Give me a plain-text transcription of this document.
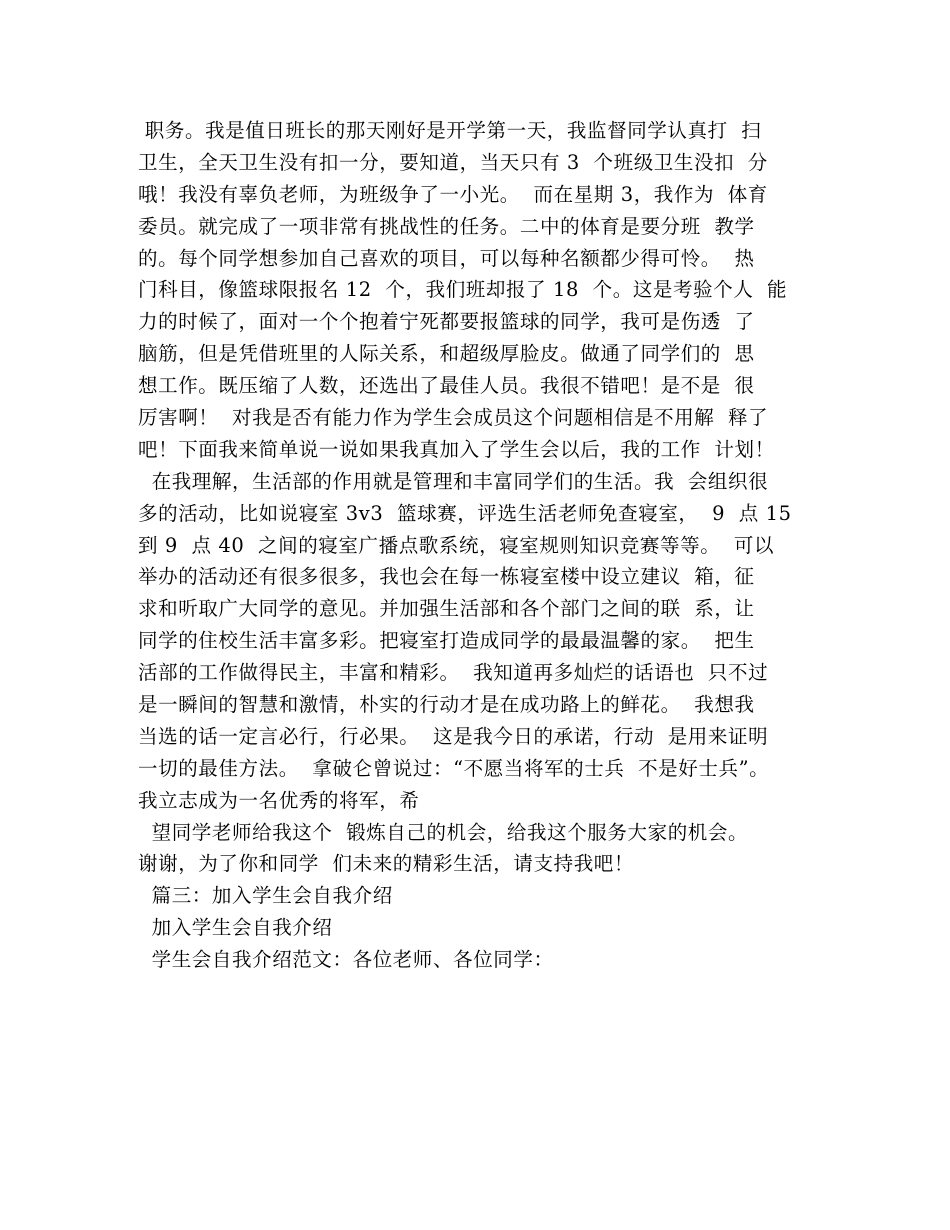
职务。我是值日班长的那天刚好是开学第一天，我监督同学认真打  扫
卫生，全天卫生没有扣一分，要知道，当天只有 3  个班级卫生没扣  分
哦！我没有辜负老师，为班级争了一小光。  而在星期 3，我作为  体育
委员。就完成了一项非常有挑战性的任务。二中的体育是要分班  教学
的。每个同学想参加自己喜欢的项目，可以每种名额都少得可怜。  热
门科目，像篮球限报名 12  个，我们班却报了 18  个。这是考验个人  能
力的时候了，面对一个个抱着宁死都要报篮球的同学，我可是伤透  了
脑筋，但是凭借班里的人际关系，和超级厚脸皮。做通了同学们的  思
想工作。既压缩了人数，还选出了最佳人员。我很不错吧！是不是  很
厉害啊！  对我是否有能力作为学生会成员这个问题相信是不用解  释了
吧！下面我来简单说一说如果我真加入了学生会以后，我的工作  计划！
在我理解，生活部的作用就是管理和丰富同学们的生活。我  会组织很
多的活动，比如说寝室 3v3  篮球赛，评选生活老师免查寝室，  9  点 15
到 9  点 40  之间的寝室广播点歌系统，寝室规则知识竞赛等等。  可以
举办的活动还有很多很多，我也会在每一栋寝室楼中设立建议  箱，征
求和听取广大同学的意见。并加强生活部和各个部门之间的联  系，让
同学的住校生活丰富多彩。把寝室打造成同学的最最温馨的家。  把生
活部的工作做得民主，丰富和精彩。  我知道再多灿烂的话语也  只不过
是一瞬间的智慧和激情，朴实的行动才是在成功路上的鲜花。  我想我
当选的话一定言必行，行必果。  这是我今日的承诺，行动  是用来证明
一切的最佳方法。  拿破仑曾说过：“不愿当将军的士兵  不是好士兵”。
我立志成为一名优秀的将军，希
望同学老师给我这个  锻炼自己的机会，给我这个服务大家的机会。
谢谢，为了你和同学  们未来的精彩生活，请支持我吧！
篇三：加入学生会自我介绍
加入学生会自我介绍
学生会自我介绍范文：各位老师、各位同学：
